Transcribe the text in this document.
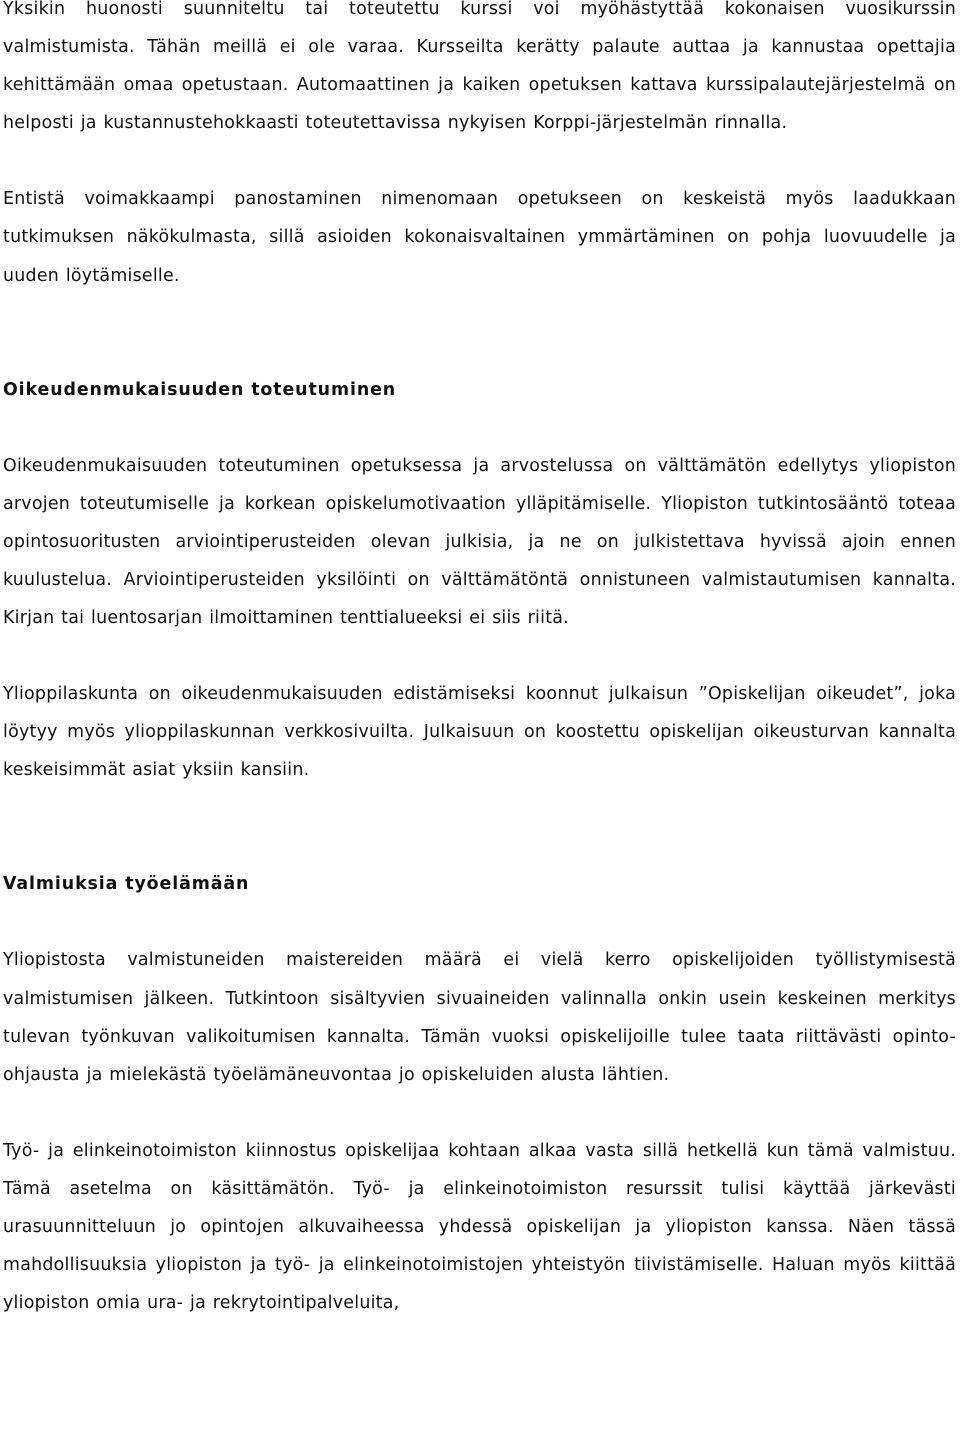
Yksikin huonosti suunniteltu tai toteutettu kurssi voi myöhästyttää kokonaisen vuosikurssin valmistumista. Tähän meillä ei ole varaa. Kursseilta kerätty palaute auttaa ja kannustaa opettajia kehittämään omaa opetustaan. Automaattinen ja kaiken opetuksen kattava kurssipalautejärjestelmä on helposti ja kustannustehokkaasti toteutettavissa nykyisen Korppi-järjestelmän rinnalla.

Entistä voimakkaampi panostaminen nimenomaan opetukseen on keskeistä myös laadukkaan tutkimuksen näkökulmasta, sillä asioiden kokonaisvaltainen ymmärtäminen on pohja luovuudelle ja uuden löytämiselle.

Oikeudenmukaisuuden toteutuminen

Oikeudenmukaisuuden toteutuminen opetuksessa ja arvostelussa on välttämätön edellytys yliopiston arvojen toteutumiselle ja korkean opiskelumotivaation ylläpitämiselle. Yliopiston tutkintosääntö toteaa opintosuoritusten arviointiperusteiden olevan julkisia, ja ne on julkistettava hyvissä ajoin ennen kuulustelua. Arviointiperusteiden yksilöinti on välttämätöntä onnistuneen valmistautumisen kannalta. Kirjan tai luentosarjan ilmoittaminen tenttialueeksi ei siis riitä.

Ylioppilaskunta on oikeudenmukaisuuden edistämiseksi koonnut julkaisun ”Opiskelijan oikeudet”, joka löytyy myös ylioppilaskunnan verkkosivuilta. Julkaisuun on koostettu opiskelijan oikeusturvan kannalta keskeisimmät asiat yksiin kansiin.

Valmiuksia työelämään

Yliopistosta valmistuneiden maistereiden määrä ei vielä kerro opiskelijoiden työllistymisestä valmistumisen jälkeen. Tutkintoon sisältyvien sivuaineiden valinnalla onkin usein keskeinen merkitys tulevan työnkuvan valikoitumisen kannalta. Tämän vuoksi opiskelijoille tulee taata riittävästi opinto-ohjausta ja mielekästä työelämäneuvontaa jo opiskeluiden alusta lähtien.

Työ- ja elinkeinotoimiston kiinnostus opiskelijaa kohtaan alkaa vasta sillä hetkellä kun tämä valmistuu. Tämä asetelma on käsittämätön. Työ- ja elinkeinotoimiston resurssit tulisi käyttää järkevästi urasuunnitteluun jo opintojen alkuvaiheessa yhdessä opiskelijan ja yliopiston kanssa. Näen tässä mahdollisuuksia yliopiston ja työ- ja elinkeinotoimistojen yhteistyön tiivistämiselle. Haluan myös kiittää yliopiston omia ura- ja rekrytointipalveluita,
